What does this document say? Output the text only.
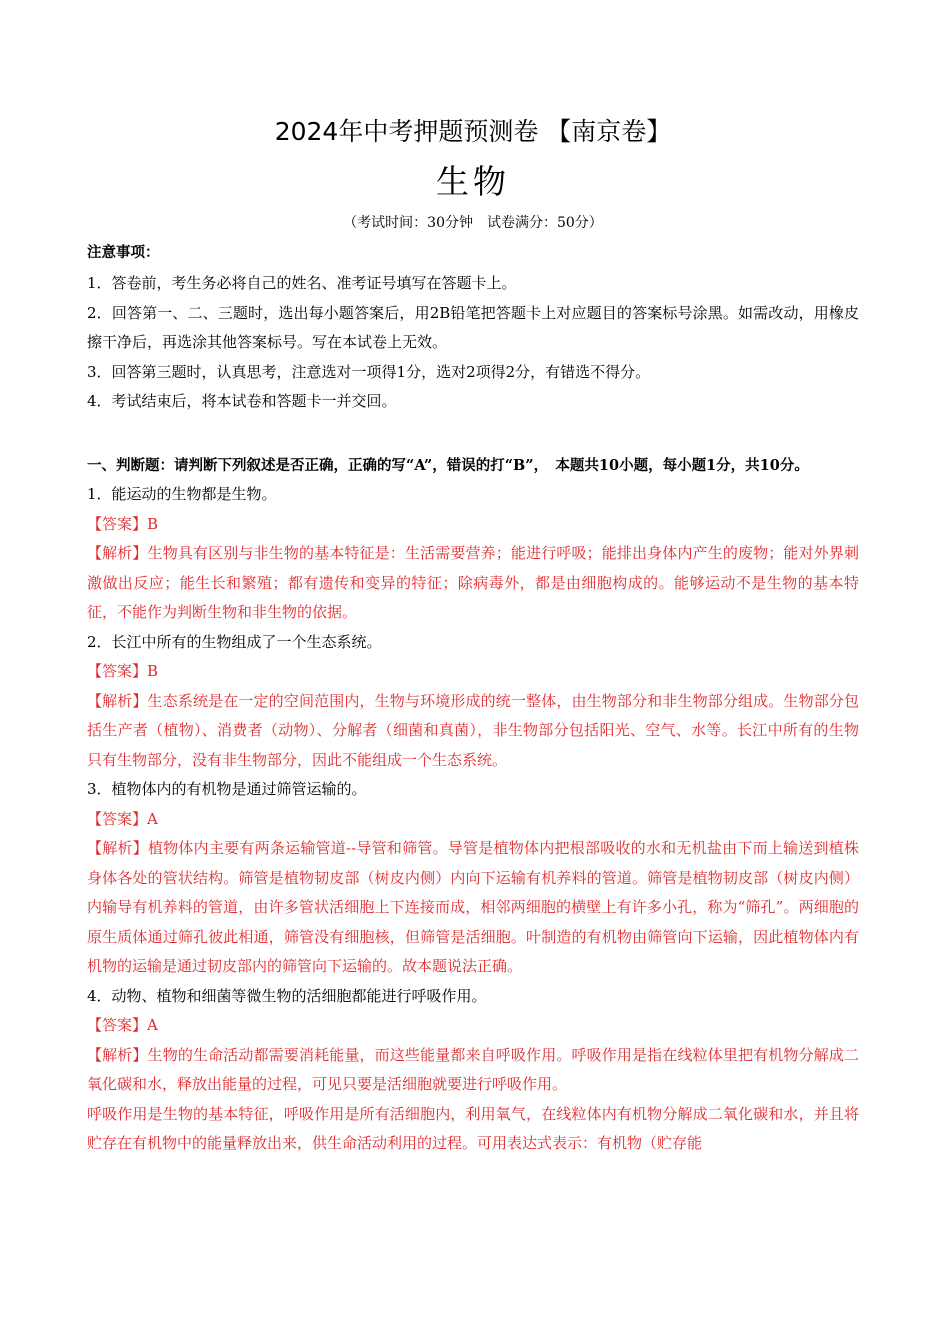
2024年中考押题预测卷 【南京卷】
生物
（考试时间：30分钟　试卷满分：50分）
注意事项：
1．答卷前，考生务必将自己的姓名、准考证号填写在答题卡上。
2．回答第一、二、三题时，选出每小题答案后，用2B铅笔把答题卡上对应题目的答案标号涂黑。如需改动，用橡皮擦干净后，再选涂其他答案标号。写在本试卷上无效。
3．回答第三题时，认真思考，注意选对一项得1分，选对2项得2分，有错选不得分。
4．考试结束后，将本试卷和答题卡一并交回。
一、判断题：请判断下列叙述是否正确，正确的写“A”，错误的打“B”，　本题共10小题，每小题1分，共10分。
1．能运动的生物都是生物。
【答案】B
【解析】生物具有区别与非生物的基本特征是：生活需要营养；能进行呼吸；能排出身体内产生的废物；能对外界刺激做出反应；能生长和繁殖；都有遗传和变异的特征；除病毒外，都是由细胞构成的。能够运动不是生物的基本特征，不能作为判断生物和非生物的依据。
2．长江中所有的生物组成了一个生态系统。
【答案】B
【解析】生态系统是在一定的空间范围内，生物与环境形成的统一整体，由生物部分和非生物部分组成。生物部分包括生产者（植物）、消费者（动物）、分解者（细菌和真菌），非生物部分包括阳光、空气、水等。长江中所有的生物只有生物部分，没有非生物部分，因此不能组成一个生态系统。
3．植物体内的有机物是通过筛管运输的。
【答案】A
【解析】植物体内主要有两条运输管道--导管和筛管。导管是植物体内把根部吸收的水和无机盐由下而上输送到植株身体各处的管状结构。筛管是植物韧皮部（树皮内侧）内向下运输有机养料的管道。筛管是植物韧皮部（树皮内侧）内输导有机养料的管道，由许多管状活细胞上下连接而成，相邻两细胞的横壁上有许多小孔，称为“筛孔”。两细胞的原生质体通过筛孔彼此相通，筛管没有细胞核，但筛管是活细胞。叶制造的有机物由筛管向下运输，因此植物体内有机物的运输是通过韧皮部内的筛管向下运输的。故本题说法正确。
4．动物、植物和细菌等微生物的活细胞都能进行呼吸作用。
【答案】A
【解析】生物的生命活动都需要消耗能量，而这些能量都来自呼吸作用。呼吸作用是指在线粒体里把有机物分解成二氧化碳和水，释放出能量的过程，可见只要是活细胞就要进行呼吸作用。
呼吸作用是生物的基本特征，呼吸作用是所有活细胞内，利用氧气，在线粒体内有机物分解成二氧化碳和水，并且将贮存在有机物中的能量释放出来，供生命活动利用的过程。可用表达式表示：有机物（贮存能
